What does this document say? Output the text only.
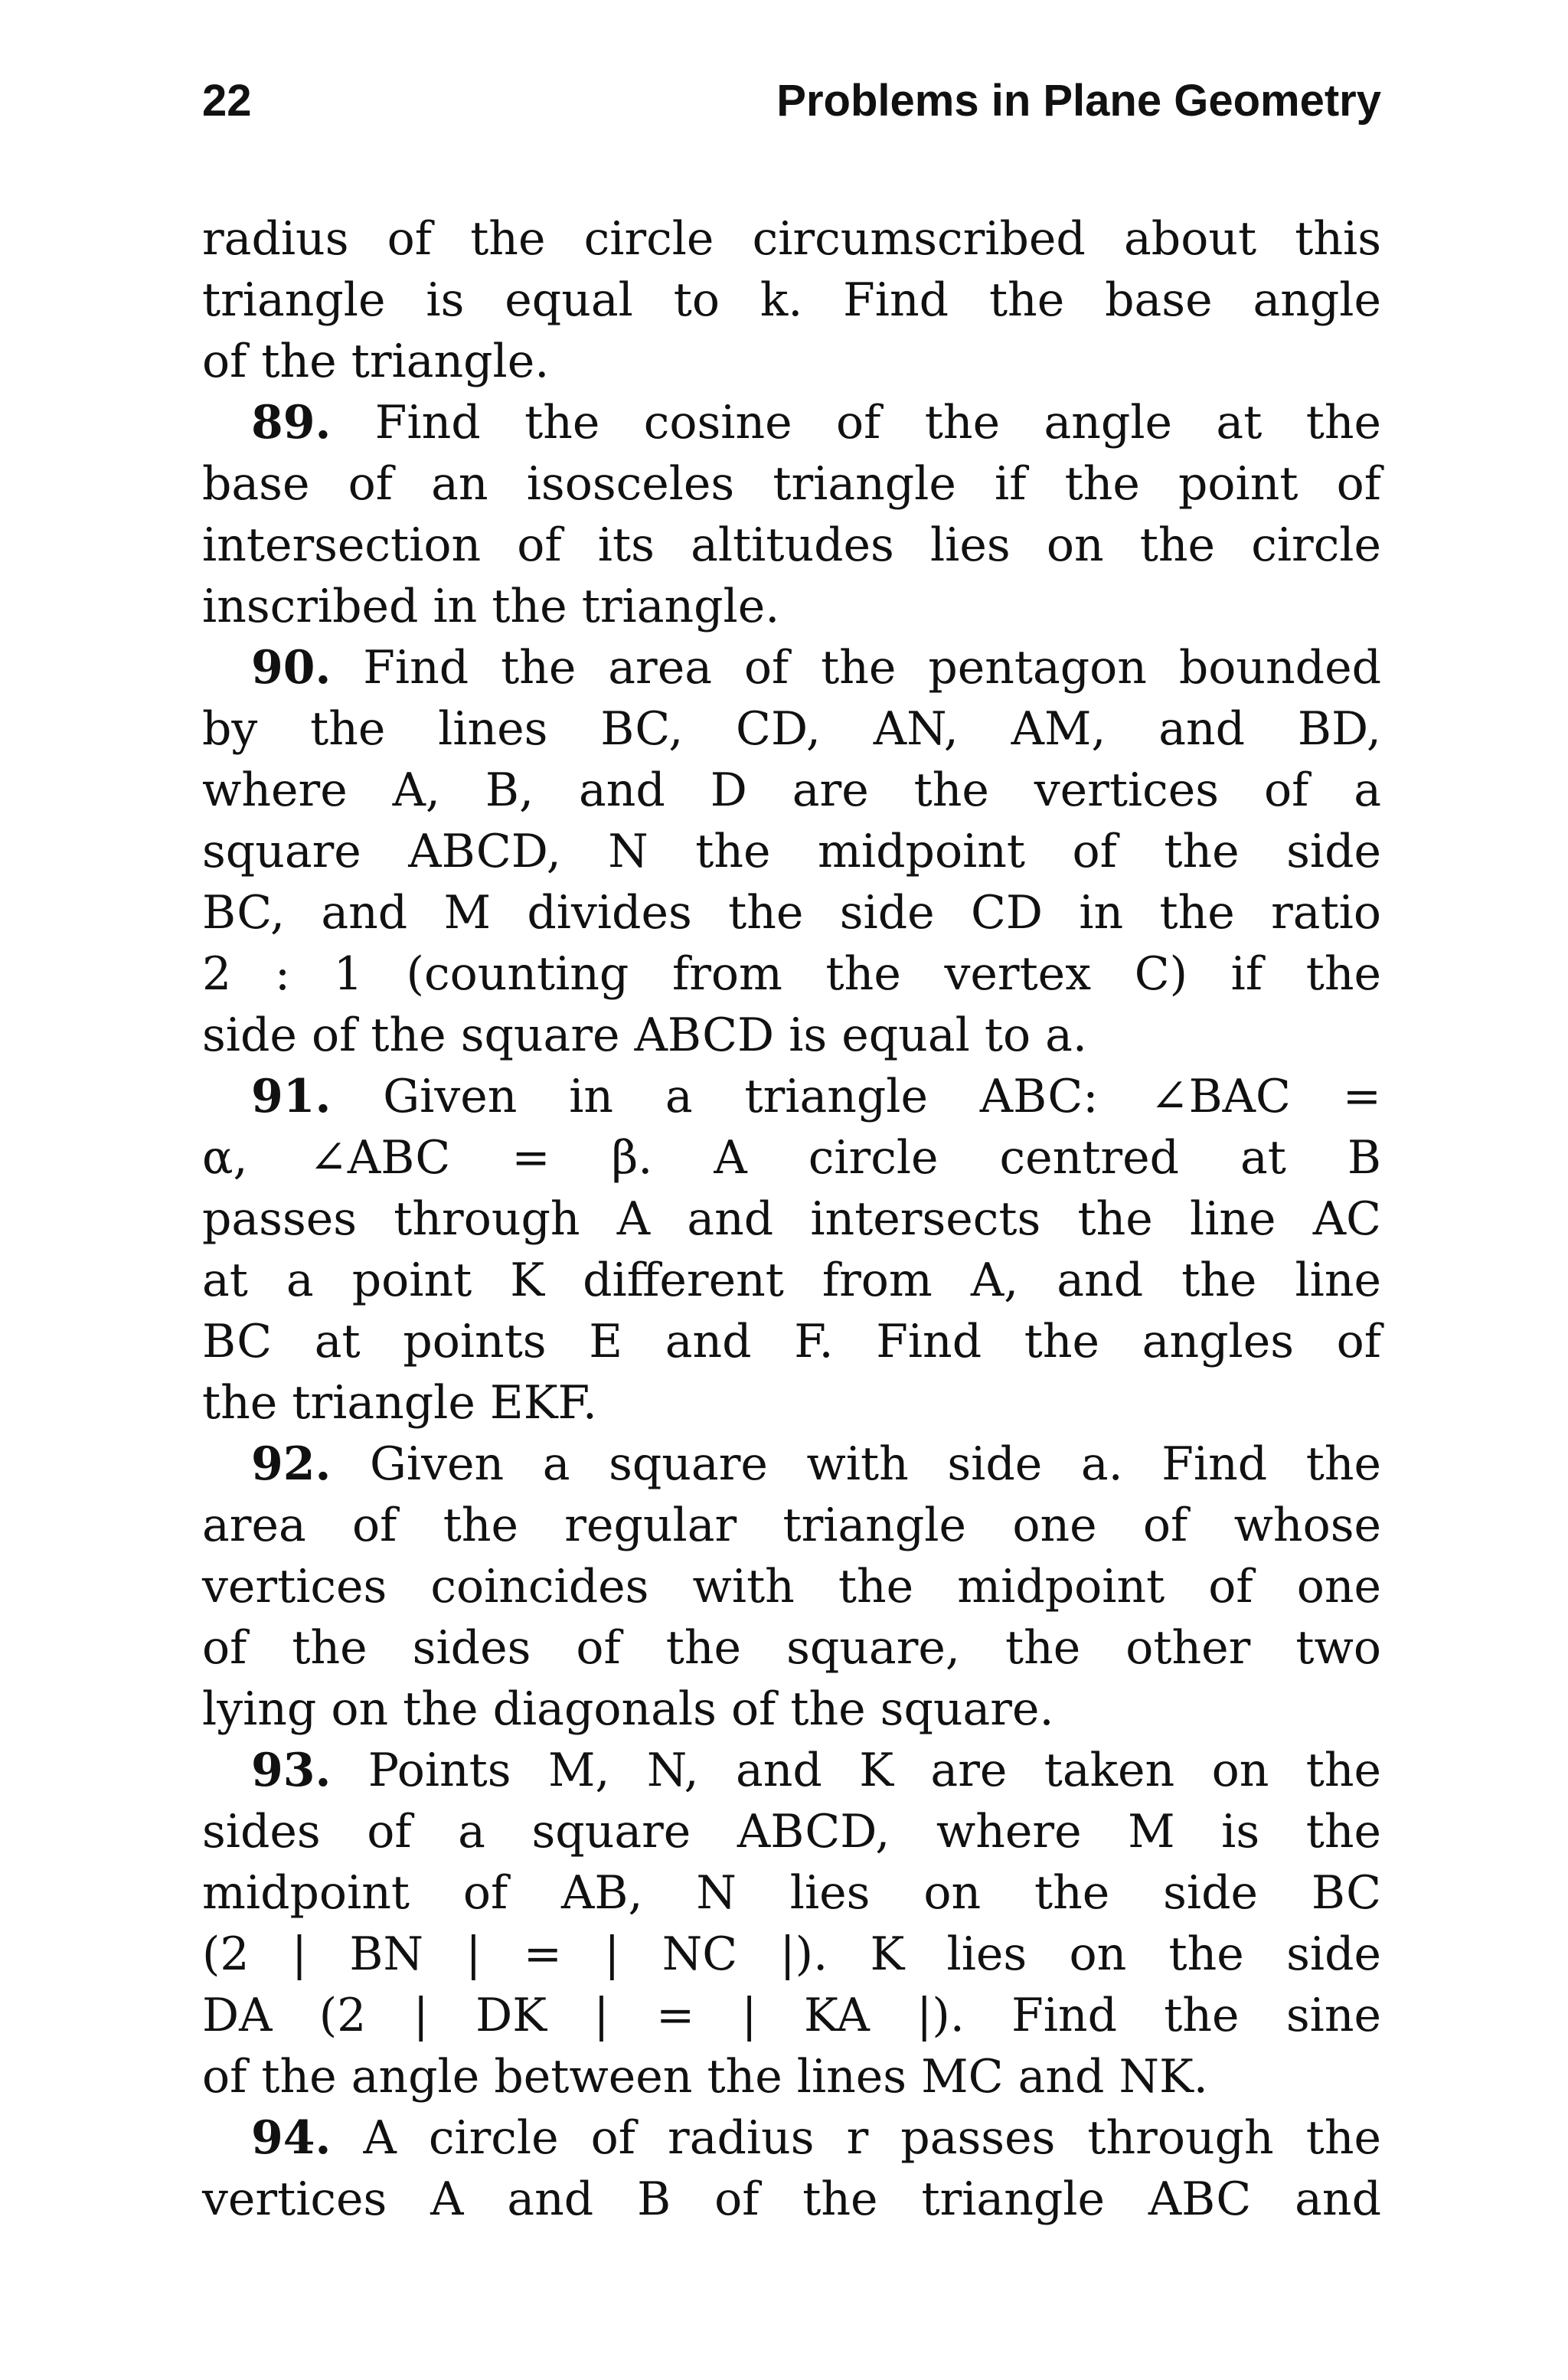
22	Problems in Plane Geometry
radius of the circle circumscribed about this
triangle is equal to k. Find the base angle
of the triangle.
89. Find the cosine of the angle at the
base of an isosceles triangle if the point of
intersection of its altitudes lies on the circle
inscribed in the triangle.
90. Find the area of the pentagon bounded
by the lines BC, CD, AN, AM, and BD,
where A, B, and D are the vertices of a
square ABCD, N the midpoint of the side
BC, and M divides the side CD in the ratio
2 : 1 (counting from the vertex C) if the
side of the square ABCD is equal to a.
91. Given in a triangle ABC: ∠BAC =
α, ∠ABC = β. A circle centred at B
passes through A and intersects the line AC
at a point K different from A, and the line
BC at points E and F. Find the angles of
the triangle EKF.
92. Given a square with side a. Find the
area of the regular triangle one of whose
vertices coincides with the midpoint of one
of the sides of the square, the other two
lying on the diagonals of the square.
93. Points M, N, and K are taken on the
sides of a square ABCD, where M is the
midpoint of AB, N lies on the side BC
(2 | BN | = | NC |). K lies on the side
DA (2 | DK | = | KA |). Find the sine
of the angle between the lines MC and NK.
94. A circle of radius r passes through the
vertices A and B of the triangle ABC and
